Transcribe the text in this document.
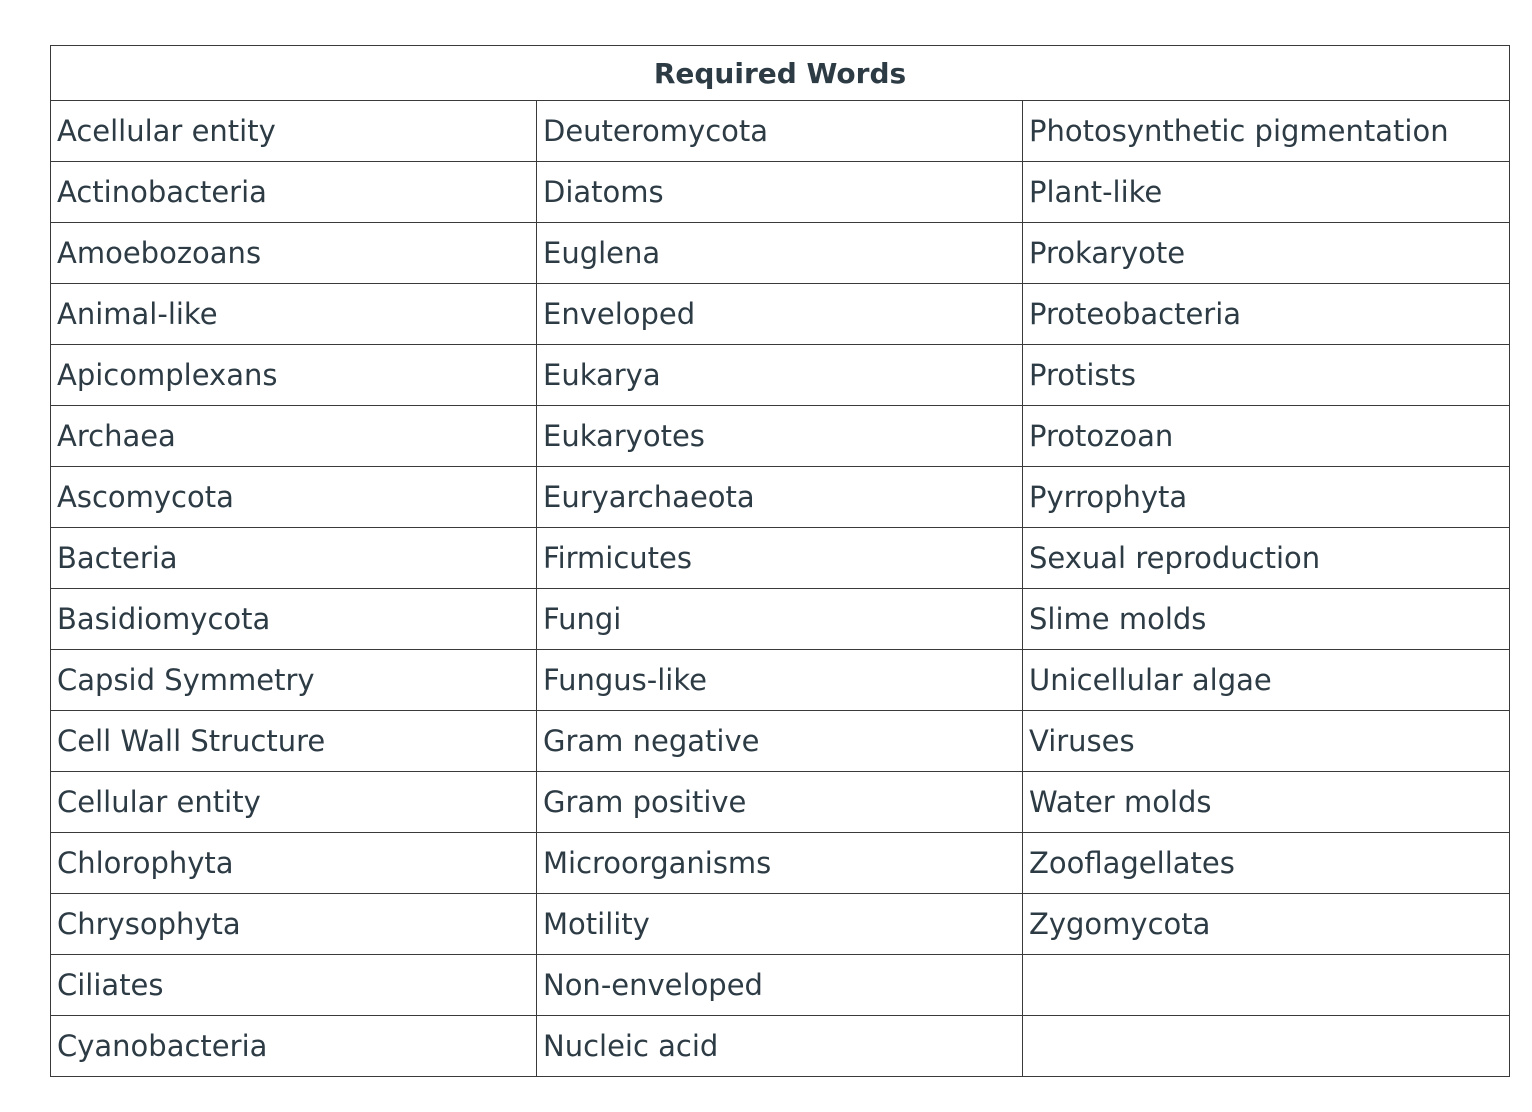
Required Words		
Acellular entity	Deuteromycota	Photosynthetic pigmentation
Actinobacteria	Diatoms	Plant-like
Amoebozoans	Euglena	Prokaryote
Animal-like	Enveloped	Proteobacteria
Apicomplexans	Eukarya	Protists
Archaea	Eukaryotes	Protozoan
Ascomycota	Euryarchaeota	Pyrrophyta
Bacteria	Firmicutes	Sexual reproduction
Basidiomycota	Fungi	Slime molds
Capsid Symmetry	Fungus-like	Unicellular algae
Cell Wall Structure	Gram negative	Viruses
Cellular entity	Gram positive	Water molds
Chlorophyta	Microorganisms	Zooflagellates
Chrysophyta	Motility	Zygomycota
Ciliates	Non-enveloped	
Cyanobacteria	Nucleic acid	
